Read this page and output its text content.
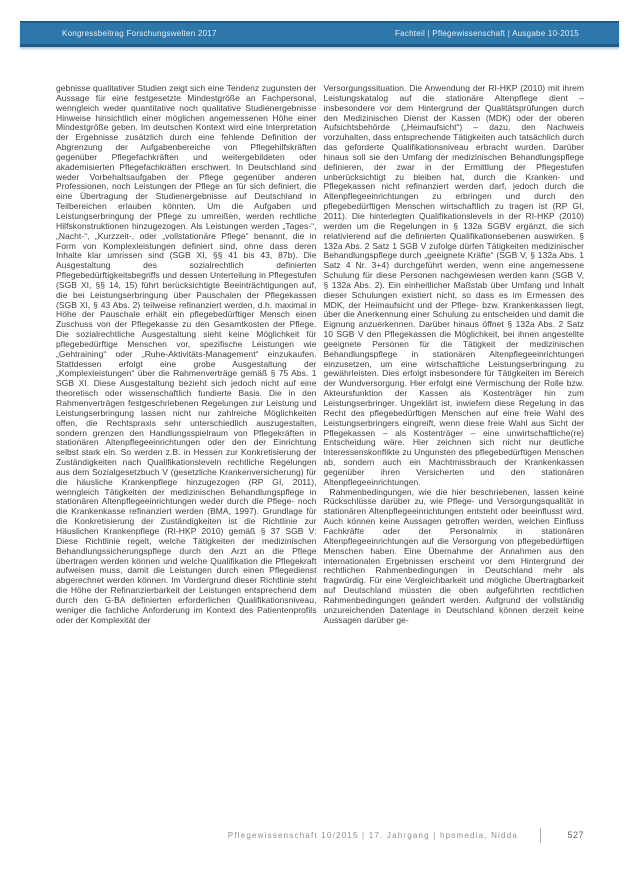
Kongressbeitrag Forschungswelten 2017	Fachteil | Pflegewissenschaft | Ausgabe 10-2015

gebnisse qualitativer Studien zeigt sich eine Tendenz zugunsten der Aussage für eine festgesetzte Mindestgröße an Fachpersonal, wenngleich weder quantitative noch qualitative Studienergebnisse Hinweise hinsichtlich einer möglichen angemessenen Höhe einer Mindestgröße geben. Im deutschen Kontext wird eine Interpretation der Ergebnisse zusätzlich durch eine fehlende Definition der Abgrenzung der Aufgabenbereiche von Pflegehilfskräften gegenüber Pflegefachkräften und weitergebildeten oder akademisierten Pflegefachkräften erschwert. In Deutschland sind weder Vorbehaltsaufgaben der Pflege gegenüber anderen Professionen, noch Leistungen der Pflege an für sich definiert, die eine Übertragung der Studienergebnisse auf Deutschland in Teilbereichen erlauben könnten. Um die Aufgaben und Leistungserbringung der Pflege zu umreißen, werden rechtliche Hilfskonstruktionen hinzugezogen. Als Leistungen werden „Tages-“, „Nacht-“, „Kurzzeit-, oder „vollstationäre Pflege“ benannt, die in Form von Komplexleistungen definiert sind, ohne dass deren Inhalte klar umrissen sind (SGB XI, §§ 41 bis 43, 87b). Die Ausgestaltung des sozialrechtlich definierten Pflegebedürftigkeitsbegriffs und dessen Unterteilung in Pflegestufen (SGB XI, §§ 14, 15) führt berücksichtigte Beeinträchtigungen auf, die bei Leistungserbringung über Pauschalen der Pflegekassen (SGB XI, § 43 Abs. 2) teilweise refinanziert werden, d.h. maximal in Höhe der Pauschale erhält ein pflegebedürftiger Mensch einen Zuschuss von der Pflegekasse zu den Gesamtkosten der Pflege. Die sozialrechtliche Ausgestaltung sieht keine Möglichkeit für pflegebedürftige Menschen vor, spezifische Leistungen wie „Gehtraining“ oder „Ruhe-Aktivitäts-Management“ einzukaufen. Stattdessen erfolgt eine grobe Ausgestaltung der „Komplexleistungen“ über die Rahmenverträge gemäß § 75 Abs. 1 SGB XI. Diese Ausgestaltung bezieht sich jedoch nicht auf eine theoretisch oder wissenschaftlich fundierte Basis. Die in den Rahmenverträgen festgeschriebenen Regelungen zur Leistung und Leistungserbringung lassen nicht nur zahlreiche Möglichkeiten offen, die Rechtspraxis sehr unterschiedlich auszugestalten, sondern grenzen den Handlungsspielraum von Pflegekräften in stationären Altenpflegeeinrichtungen oder den der Einrichtung selbst stark ein. So werden z.B. in Hessen zur Konkretisierung der Zuständigkeiten nach Qualifikationsleveln rechtliche Regelungen aus dem Sozialgesetzbuch V (gesetzliche Krankenversicherung) für die häusliche Krankenpflege hinzugezogen (RP GI, 2011), wenngleich Tätigkeiten der medizinischen Behandlungspflege in stationären Altenpflegeeinrichtungen weder durch die Pflege- noch die Krankenkasse refinanziert werden (BMA, 1997). Grundlage für die Konkretisierung der Zuständigkeiten ist die Richtlinie zur Häuslichen Krankenpflege (RI-HKP 2010) gemäß § 37 SGB V: Diese Richtlinie regelt, welche Tätigkeiten der medizinischen Behandlungssicherungspflege durch den Arzt an die Pflege übertragen werden können und welche Qualifikation die Pflegekraft aufweisen muss, damit die Leistungen durch einen Pflegedienst abgerechnet werden können. Im Vordergrund dieser Richtlinie steht die Höhe der Refinanzierbarkeit der Leistungen entsprechend dem durch den G-BA definierten erforderlichen Qualifikationsniveau, weniger die fachliche Anforderung im Kontext des Patientenprofils oder der Komplexität der

Versorgungssituation. Die Anwendung der RI-HKP (2010) mit ihrem Leistungskatalog auf die stationäre Altenpflege dient – insbesondere vor dem Hintergrund der Qualitätsprüfungen durch den Medizinischen Dienst der Kassen (MDK) oder der oberen Aufsichtsbehörde („Heimaufsicht“) – dazu, den Nachweis vorzuhalten, dass entsprechende Tätigkeiten auch tatsächlich durch das geforderte Qualifikationsniveau erbracht wurden. Darüber hinaus soll sie den Umfang der medizinischen Behandlungspflege definieren, der zwar in der Ermittlung der Pflegestufen unberücksichtigt zu bleiben hat, durch die Kranken- und Pflegekassen nicht refinanziert werden darf, jedoch durch die Altenpflegeeinrichtungen zu erbringen und durch den pflegebedürftigen Menschen wirtschaftlich zu tragen ist (RP GI, 2011). Die hinterlegten Qualifikationslevels in der RI-HKP (2010) werden um die Regelungen in § 132a SGBV ergänzt, die sich relativierend auf die definierten Qualifikationsebenen auswirken. § 132a Abs. 2 Satz 1 SGB V zufolge dürfen Tätigkeiten medizinischer Behandlungspflege durch „geeignete Kräfte“ (SGB V, § 132a Abs. 1 Satz 4 Nr. 3+4) durchgeführt werden, wenn eine angemessene Schulung für diese Personen nachgewiesen werden kann (SGB V, § 132a Abs. 2). Ein einheitlicher Maßstab über Umfang und Inhalt dieser Schulungen existiert nicht, so dass es im Ermessen des MDK, der Heimaufsicht und der Pflege- bzw. Krankenkassen liegt, über die Anerkennung einer Schulung zu entscheiden und damit die Eignung anzuerkennen. Darüber hinaus öffnet § 132a Abs. 2 Satz 10 SGB V den Pflegekassen die Möglichkeit, bei ihnen angestellte geeignete Personen für die Tätigkeit der medizinischen Behandlungspflege in stationären Altenpflegeeinrichtungen einzusetzen, um eine wirtschaftliche Leistungserbringung zu gewährleisten. Dies erfolgt insbesondere für Tätigkeiten im Bereich der Wundversorgung. Hier erfolgt eine Vermischung der Rolle bzw. Akteursfunktion der Kassen als Kostenträger hin zum Leistungserbringer. Ungeklärt ist, inwiefern diese Regelung in das Recht des pflegebedürftigen Menschen auf eine freie Wahl des Leistungserbringers eingreift, wenn diese freie Wahl aus Sicht der Pflegekassen – als Kostenträger – eine unwirtschaftliche(re) Entscheidung wäre. Hier zeichnen sich nicht nur deutliche Interessenskonflikte zu Ungunsten des pflegebedürftigen Menschen ab, sondern auch ein Machtmissbrauch der Krankenkassen gegenüber ihren Versicherten und den stationären Altenpflegeeinrichtungen.

Rahmenbedingungen, wie die hier beschriebenen, lassen keine Rückschlüsse darüber zu, wie Pflege- und Versorgungsqualität in stationären Altenpflegeeinrichtungen entsteht oder beeinflusst wird. Auch können keine Aussagen getroffen werden, welchen Einfluss Fachkräfte oder der Personalmix in stationären Altenpflegeeinrichtungen auf die Versorgung von pflegebedürftigen Menschen haben. Eine Übernahme der Annahmen aus den internationalen Ergebnissen erscheint vor dem Hintergrund der rechtlichen Rahmenbedingungen in Deutschland mehr als fragwürdig. Für eine Vergleichbarkeit und mögliche Übertragbarkeit auf Deutschland müssten die oben aufgeführten rechtlichen Rahmenbedingungen geändert werden. Aufgrund der vollständig unzureichenden Datenlage in Deutschland können derzeit keine Aussagen darüber ge-

Pflegewissenschaft 10/2015 | 17. Jahrgang | hpsmedia, Nidda	527
